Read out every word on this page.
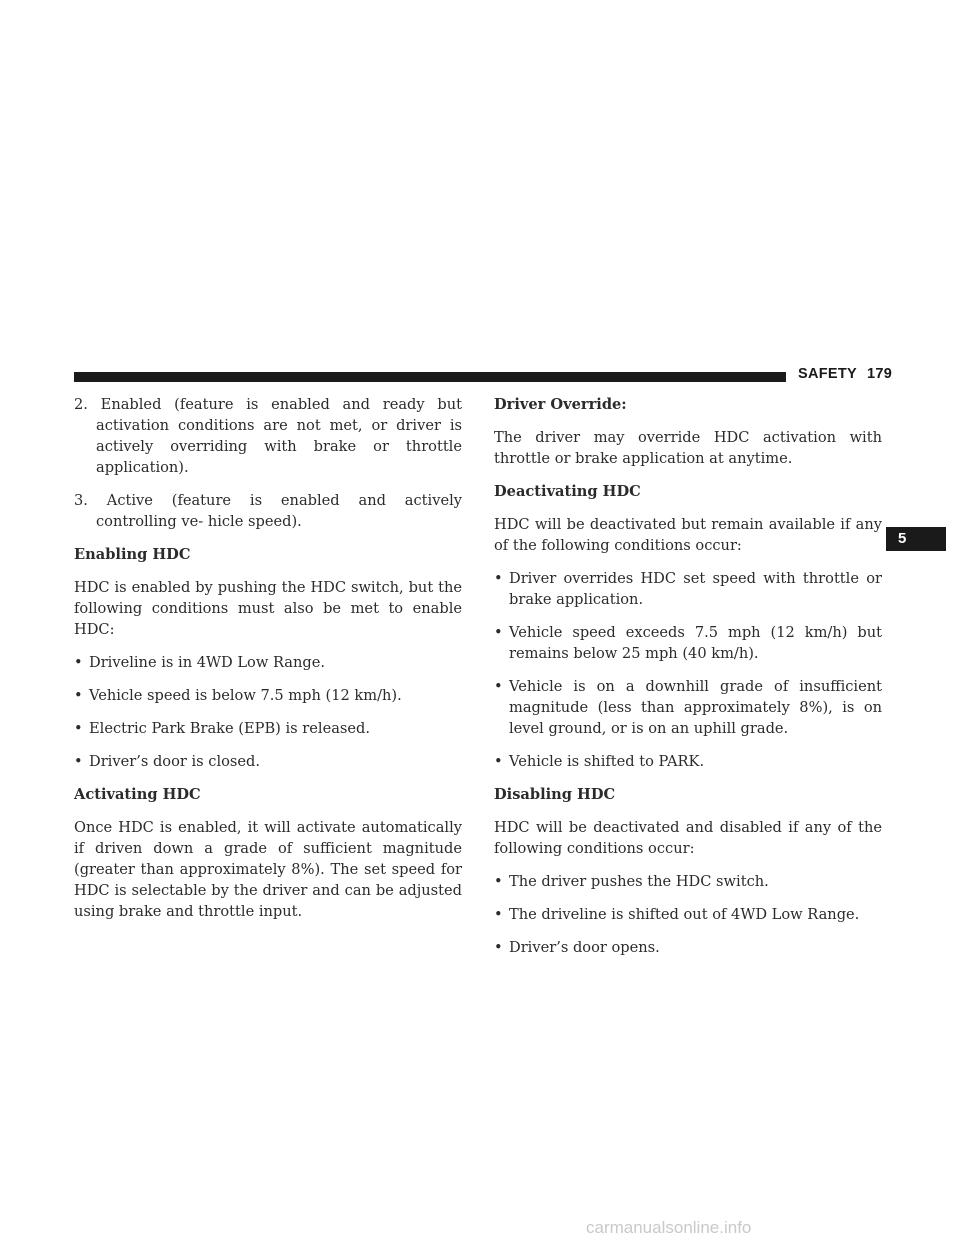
SAFETY 179
5
2. Enabled (feature is enabled and ready but activation conditions are not met, or driver is actively overriding with brake or throttle application).
3. Active (feature is enabled and actively controlling ve- hicle speed).
Enabling HDC

HDC is enabled by pushing the HDC switch, but the following conditions must also be met to enable HDC:

• Driveline is in 4WD Low Range.
• Vehicle speed is below 7.5 mph (12 km/h).
• Electric Park Brake (EPB) is released.
• Driver’s door is closed.
Activating HDC

Once HDC is enabled, it will activate automatically if driven down a grade of sufficient magnitude (greater than approximately 8%). The set speed for HDC is selectable by the driver and can be adjusted using brake and throttle input.

Driver Override:

The driver may override HDC activation with throttle or brake application at anytime.

Deactivating HDC

HDC will be deactivated but remain available if any of the following conditions occur:

• Driver overrides HDC set speed with throttle or brake application.
• Vehicle speed exceeds 7.5 mph (12 km/h) but remains below 25 mph (40 km/h).
• Vehicle is on a downhill grade of insufficient magnitude (less than approximately 8%), is on level ground, or is on an uphill grade.
• Vehicle is shifted to PARK.
Disabling HDC

HDC will be deactivated and disabled if any of the following conditions occur:

• The driver pushes the HDC switch.
• The driveline is shifted out of 4WD Low Range.
• Driver’s door opens.
carmanualsonline.info
